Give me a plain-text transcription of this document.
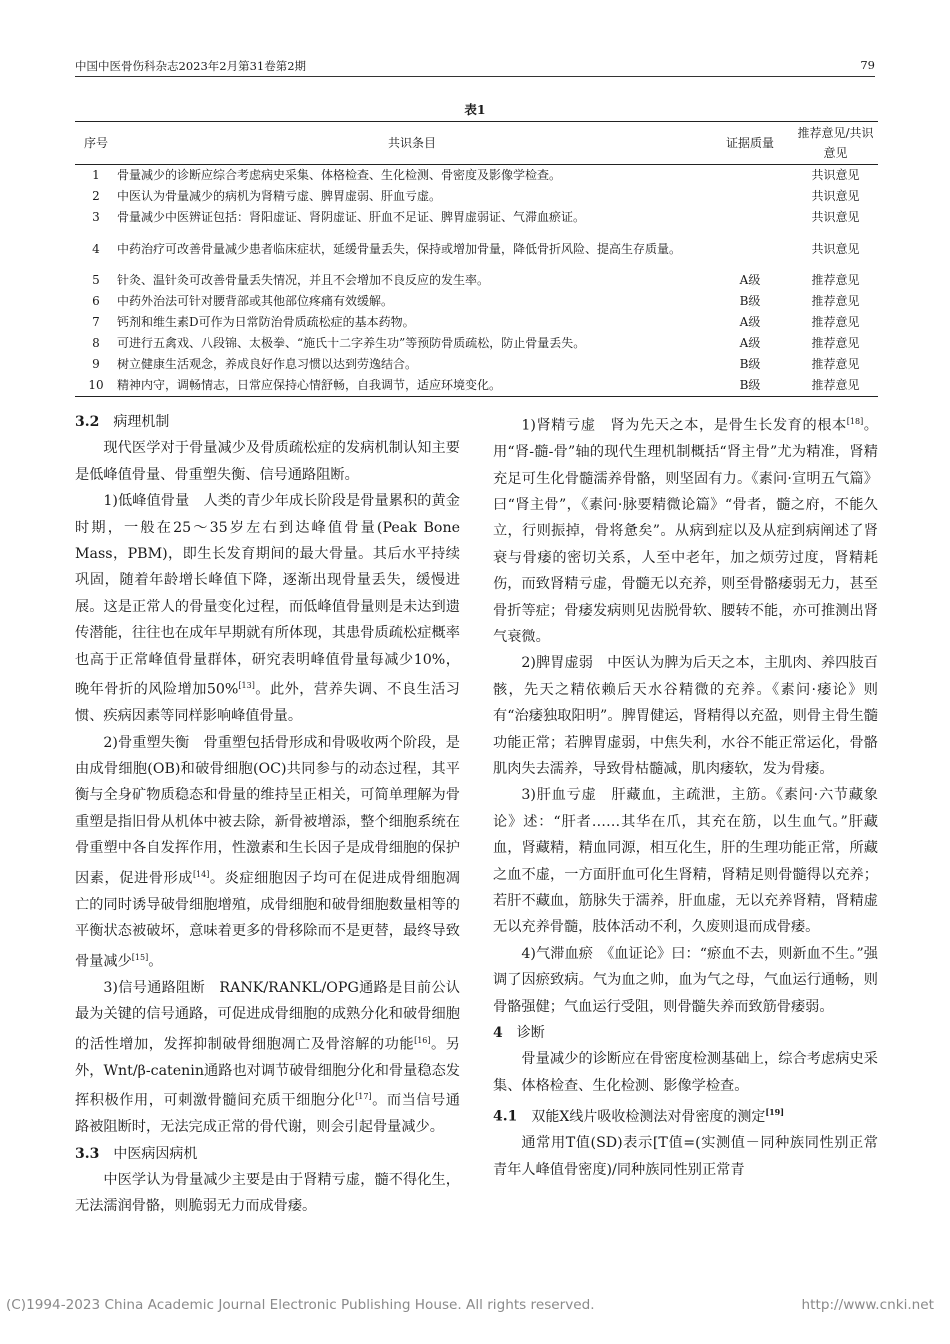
中国中医骨伤科杂志2023年2月第31卷第2期	79
表1
序号	共识条目	证据质量	推荐意见/共识意见
1	骨量减少的诊断应综合考虑病史采集、体格检查、生化检测、骨密度及影像学检查。		共识意见
2	中医认为骨量减少的病机为肾精亏虚、脾胃虚弱、肝血亏虚。		共识意见
3	骨量减少中医辨证包括：肾阳虚证、肾阴虚证、肝血不足证、脾胃虚弱证、气滞血瘀证。		共识意见
4	中药治疗可改善骨量减少患者临床症状，延缓骨量丢失，保持或增加骨量，降低骨折风险、提高生存质量。		共识意见
5	针灸、温针灸可改善骨量丢失情况，并且不会增加不良反应的发生率。	A级	推荐意见
6	中药外治法可针对腰背部或其他部位疼痛有效缓解。	B级	推荐意见
7	钙剂和维生素D可作为日常防治骨质疏松症的基本药物。	A级	推荐意见
8	可进行五禽戏、八段锦、太极拳、“施氏十二字养生功”等预防骨质疏松，防止骨量丢失。	A级	推荐意见
9	树立健康生活观念，养成良好作息习惯以达到劳逸结合。	B级	推荐意见
10	精神内守，调畅情志，日常应保持心情舒畅，自我调节，适应环境变化。	B级	推荐意见
3.2 病理机制

现代医学对于骨量减少及骨质疏松症的发病机制认知主要是低峰值骨量、骨重塑失衡、信号通路阻断。

1)低峰值骨量　人类的青少年成长阶段是骨量累积的黄金时期，一般在25～35岁左右到达峰值骨量(Peak Bone Mass，PBM)，即生长发育期间的最大骨量。其后水平持续巩固，随着年龄增长峰值下降，逐渐出现骨量丢失，缓慢进展。这是正常人的骨量变化过程，而低峰值骨量则是未达到遗传潜能，往往也在成年早期就有所体现，其患骨质疏松症概率也高于正常峰值骨量群体，研究表明峰值骨量每减少10%，晚年骨折的风险增加50%[13]。此外，营养失调、不良生活习惯、疾病因素等同样影响峰值骨量。

2)骨重塑失衡　骨重塑包括骨形成和骨吸收两个阶段，是由成骨细胞(OB)和破骨细胞(OC)共同参与的动态过程，其平衡与全身矿物质稳态和骨量的维持呈正相关，可简单理解为骨重塑是指旧骨从机体中被去除，新骨被增添，整个细胞系统在骨重塑中各自发挥作用，性激素和生长因子是成骨细胞的保护因素，促进骨形成[14]。炎症细胞因子均可在促进成骨细胞凋亡的同时诱导破骨细胞增殖，成骨细胞和破骨细胞数量相等的平衡状态被破坏，意味着更多的骨移除而不是更替，最终导致骨量减少[15]。

3)信号通路阻断　RANK/RANKL/OPG通路是目前公认最为关键的信号通路，可促进成骨细胞的成熟分化和破骨细胞的活性增加，发挥抑制破骨细胞凋亡及骨溶解的功能[16]。另外，Wnt/β-catenin通路也对调节破骨细胞分化和骨量稳态发挥积极作用，可刺激骨髓间充质干细胞分化[17]。而当信号通路被阻断时，无法完成正常的骨代谢，则会引起骨量减少。

3.3 中医病因病机

中医学认为骨量减少主要是由于肾精亏虚，髓不得化生，无法濡润骨骼，则脆弱无力而成骨痿。

1)肾精亏虚　肾为先天之本，是骨生长发育的根本[18]。用“肾-髓-骨”轴的现代生理机制概括“肾主骨”尤为精准，肾精充足可生化骨髓濡养骨骼，则坚固有力。《素问·宣明五气篇》曰“肾主骨”，《素问·脉要精微论篇》“骨者，髓之府，不能久立，行则振掉，骨将惫矣”。从病到症以及从症到病阐述了肾衰与骨痿的密切关系，人至中老年，加之烦劳过度，肾精耗伤，而致肾精亏虚，骨髓无以充养，则至骨骼痿弱无力，甚至骨折等症；骨痿发病则见齿脱骨软、腰转不能，亦可推测出肾气衰微。

2)脾胃虚弱　中医认为脾为后天之本，主肌肉、养四肢百骸，先天之精依赖后天水谷精微的充养。《素问·痿论》则有“治痿独取阳明”。脾胃健运，肾精得以充盈，则骨主骨生髓功能正常；若脾胃虚弱，中焦失利，水谷不能正常运化，骨骼肌肉失去濡养，导致骨枯髓减，肌肉痿软，发为骨痿。

3)肝血亏虚　肝藏血，主疏泄，主筋。《素问·六节藏象论》述：“肝者……其华在爪，其充在筋，以生血气。”肝藏血，肾藏精，精血同源，相互化生，肝的生理功能正常，所藏之血不虚，一方面肝血可化生肾精，肾精足则骨髓得以充养；若肝不藏血，筋脉失于濡养，肝血虚，无以充养肾精，肾精虚无以充养骨髓，肢体活动不利，久废则退而成骨痿。

4)气滞血瘀　《血证论》曰：“瘀血不去，则新血不生。”强调了因瘀致病。气为血之帅，血为气之母，气血运行通畅，则骨骼强健；气血运行受阻，则骨髓失养而致筋骨痿弱。

4 诊断

骨量减少的诊断应在骨密度检测基础上，综合考虑病史采集、体格检查、生化检测、影像学检查。

4.1 双能X线片吸收检测法对骨密度的测定[19]

通常用T值(SD)表示[T值=(实测值－同种族同性别正常青年人峰值骨密度)/同种族同性别正常青

(C)1994-2023 China Academic Journal Electronic Publishing House. All rights reserved.	http://www.cnki.net
